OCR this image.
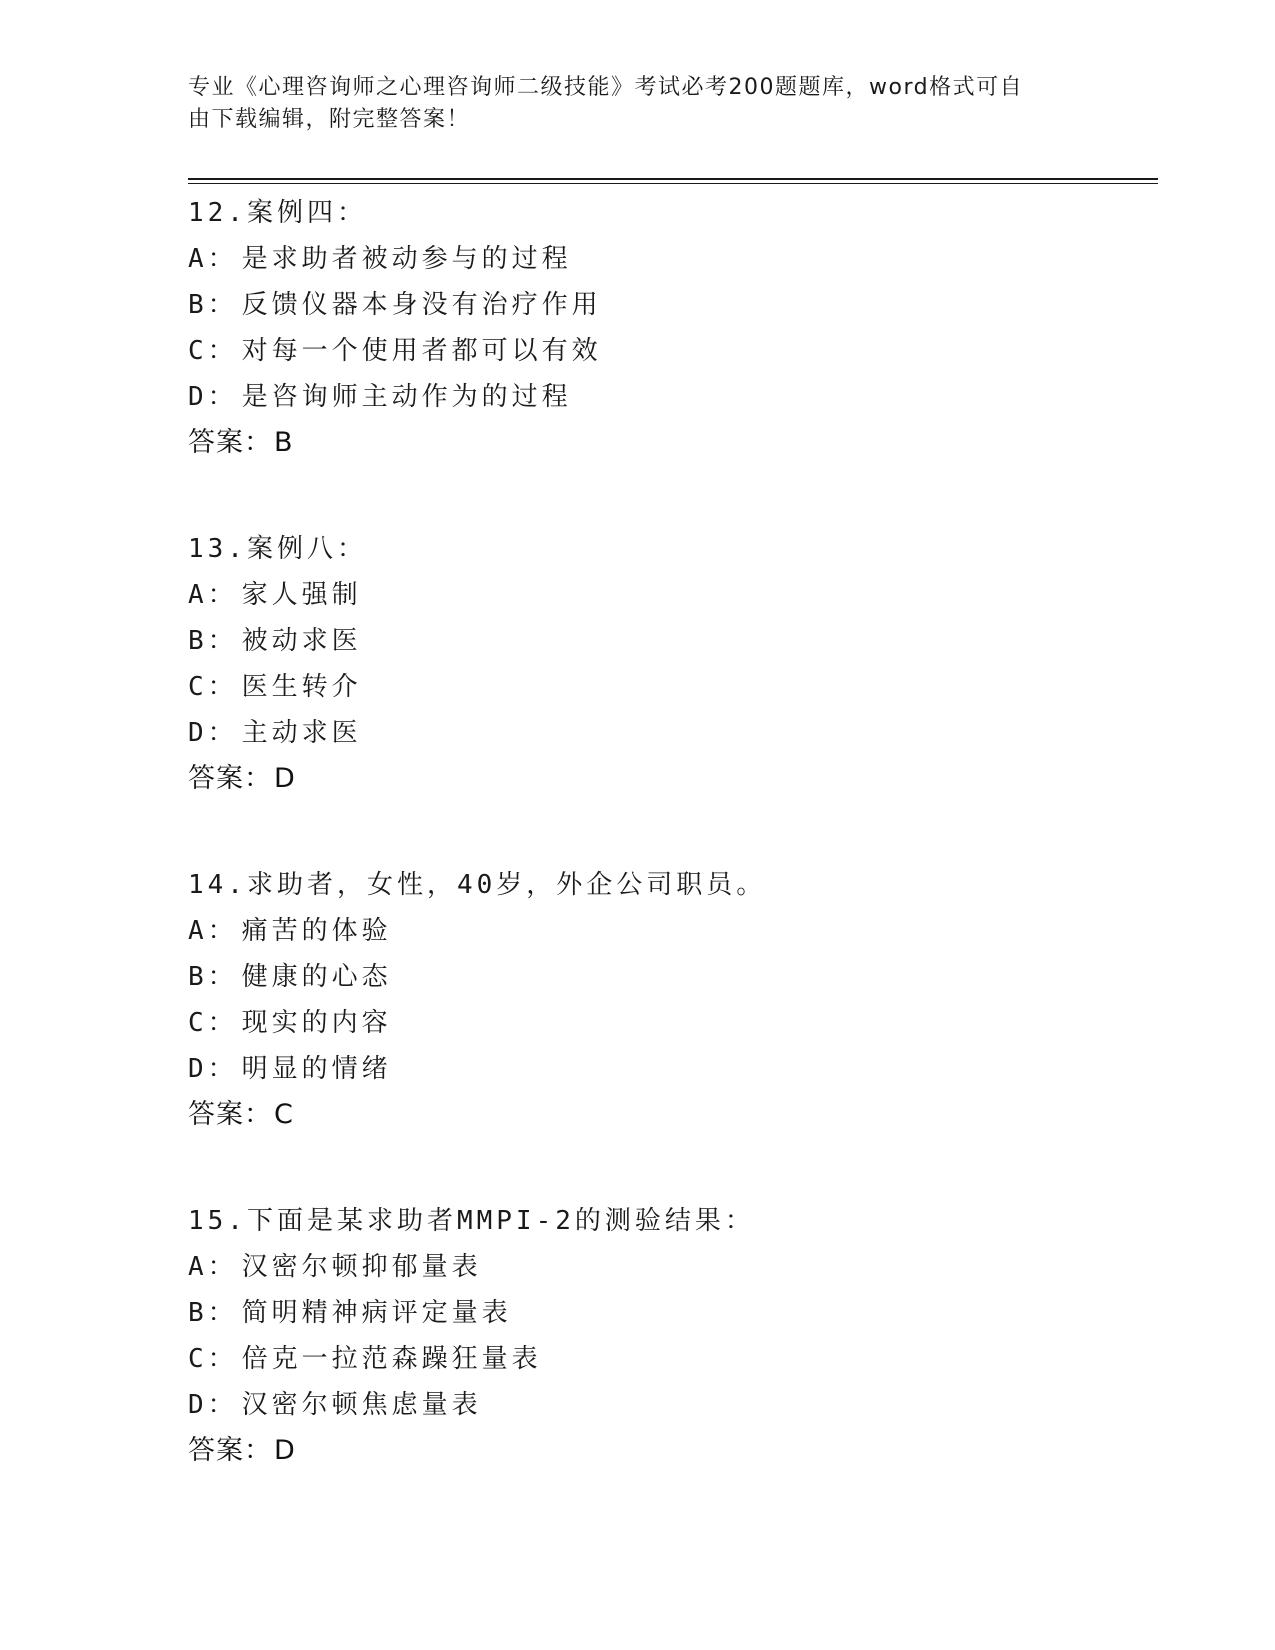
专业《心理咨询师之心理咨询师二级技能》考试必考200题题库，word格式可自
由下载编辑，附完整答案！
12.案例四：
A： 是求助者被动参与的过程
B： 反馈仪器本身没有治疗作用
C： 对每一个使用者都可以有效
D： 是咨询师主动作为的过程
答案：B
13.案例八：
A： 家人强制
B： 被动求医
C： 医生转介
D： 主动求医
答案：D
14.求助者，女性，40岁，外企公司职员。
A： 痛苦的体验
B： 健康的心态
C： 现实的内容
D： 明显的情绪
答案：C
15.下面是某求助者MMPI-2的测验结果：
A： 汉密尔顿抑郁量表
B： 简明精神病评定量表
C： 倍克一拉范森躁狂量表
D： 汉密尔顿焦虑量表
答案：D
